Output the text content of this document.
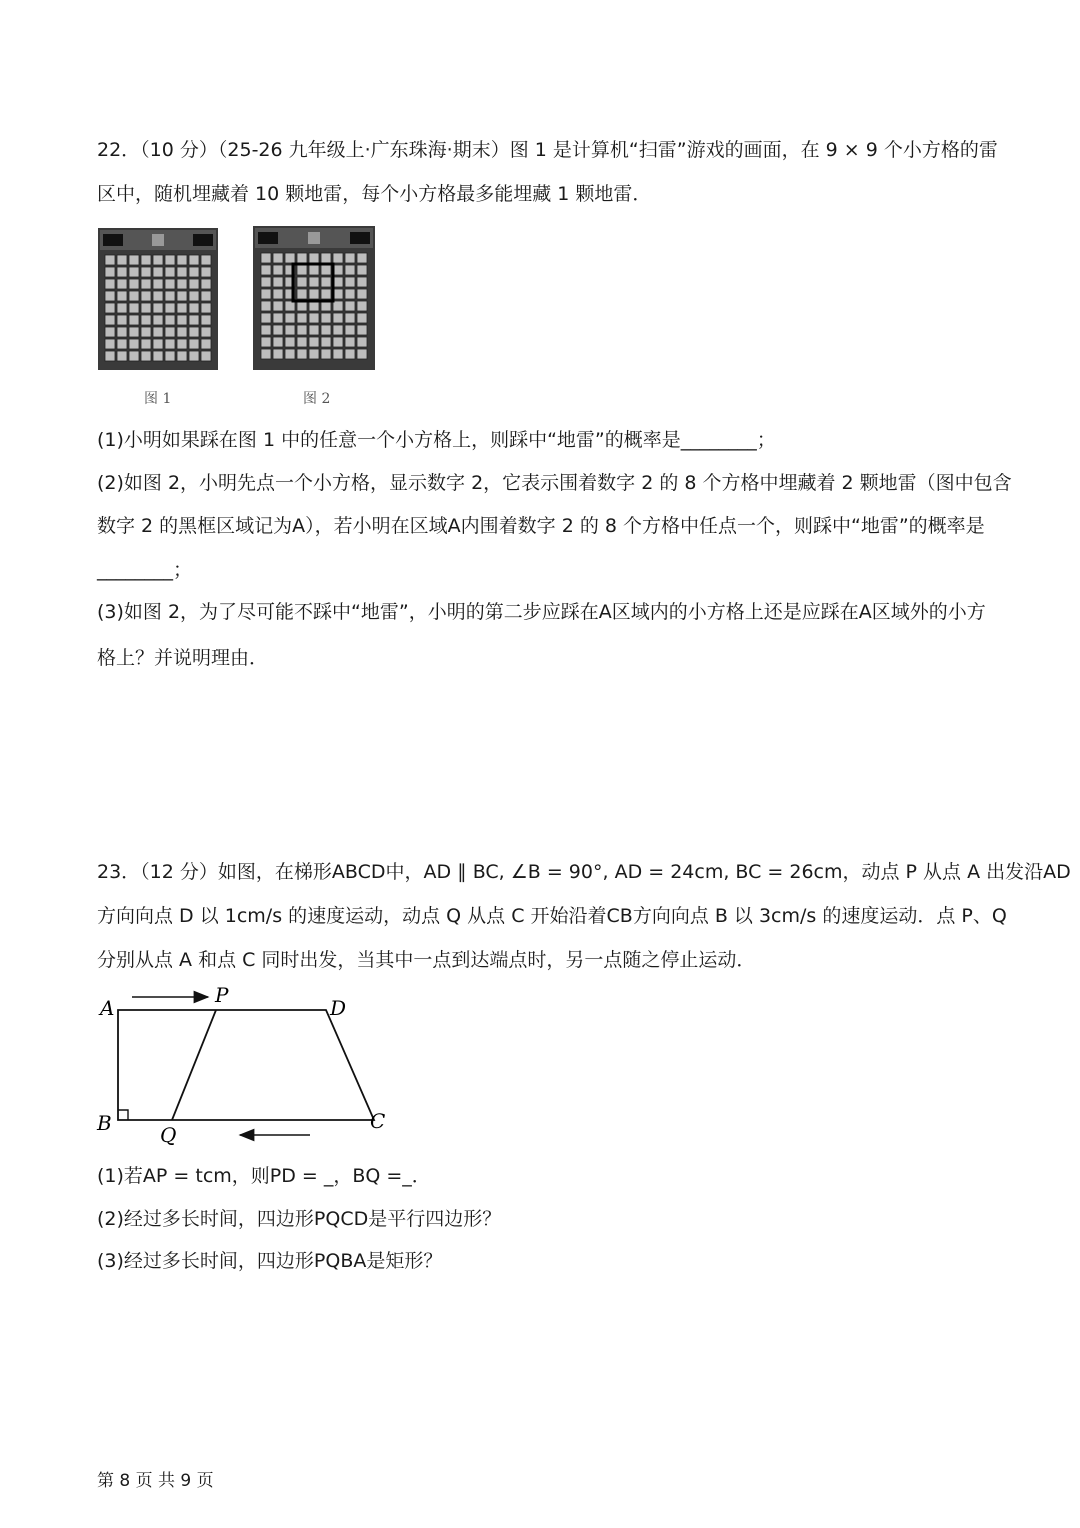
22．（10 分）（25-26 九年级上·广东珠海·期末）图 1 是计算机“扫雷”游戏的画面，在 9 × 9 个小方格的雷
区中，随机埋藏着 10 颗地雷，每个小方格最多能埋藏 1 颗地雷．
图 1	图 2
(1)小明如果踩在图 1 中的任意一个小方格上，则踩中“地雷”的概率是________；
(2)如图 2，小明先点一个小方格，显示数字 2，它表示围着数字 2 的 8 个方格中埋藏着 2 颗地雷（图中包含
数字 2 的黑框区域记为A），若小明在区域A内围着数字 2 的 8 个方格中任点一个，则踩中“地雷”的概率是
________；
(3)如图 2，为了尽可能不踩中“地雷”，小明的第二步应踩在A区域内的小方格上还是应踩在A区域外的小方
格上？并说明理由．
23．（12 分）如图，在梯形ABCD中，AD ∥ BC, ∠B = 90°, AD = 24cm, BC = 26cm，动点 P 从点 A 出发沿AD
方向向点 D 以 1cm/s 的速度运动，动点 Q 从点 C 开始沿着CB方向向点 B 以 3cm/s 的速度运动．点 P、Q
分别从点 A 和点 C 同时出发，当其中一点到达端点时，另一点随之停止运动．
A
P
D
B Q
C
(1)若AP = tcm，则PD = _，BQ =_．
(2)经过多长时间，四边形PQCD是平行四边形？
(3)经过多长时间，四边形PQBA是矩形？
第 8 页 共 9 页
